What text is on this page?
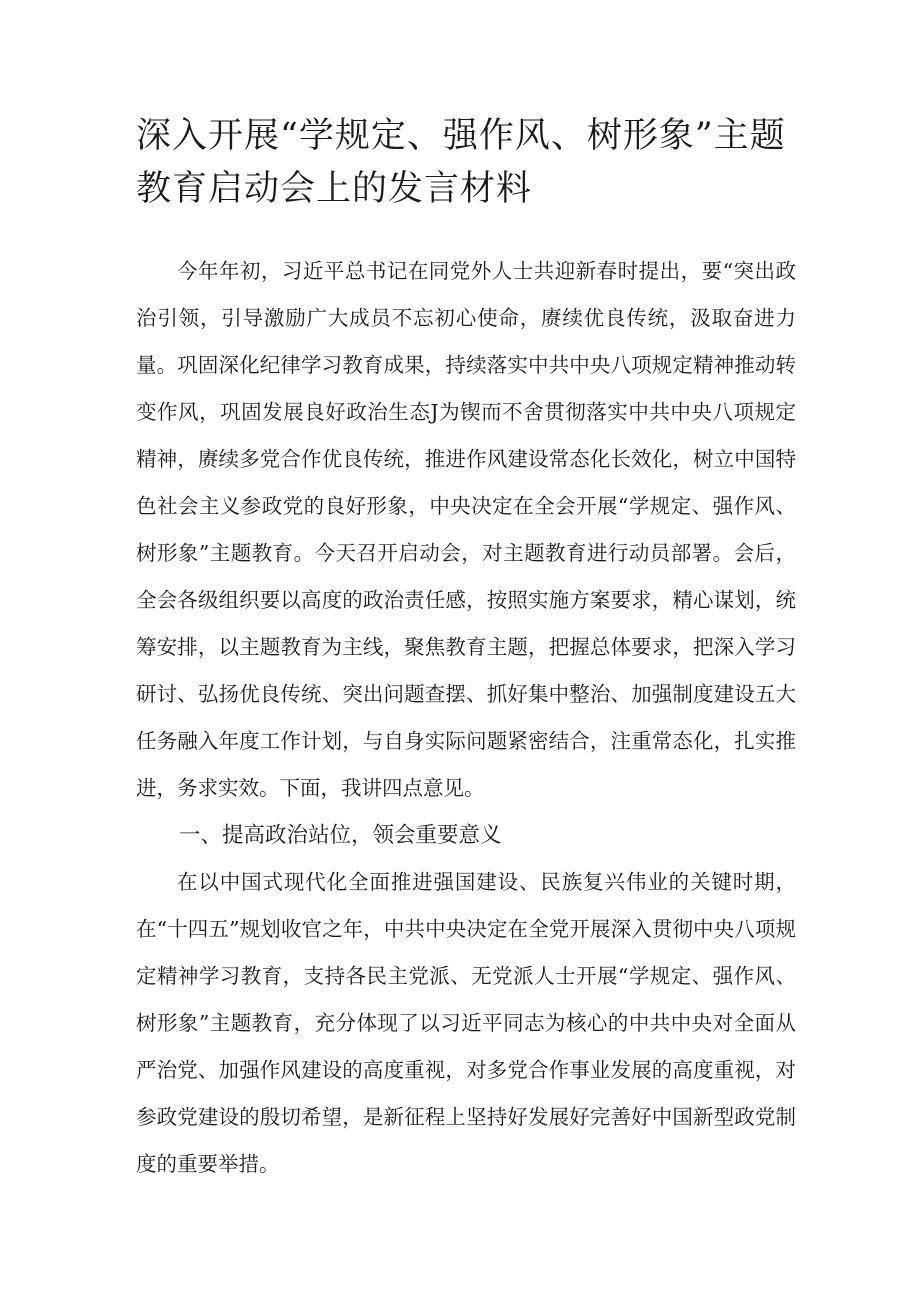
深入开展“学规定、强作风、树形象”主题教育启动会上的发言材料

今年年初，习近平总书记在同党外人士共迎新春时提出，要“突出政治引领，引导激励广大成员不忘初心使命，赓续优良传统，汲取奋进力量。巩固深化纪律学习教育成果，持续落实中共中央八项规定精神推动转变作风，巩固发展良好政治生态J为锲而不舍贯彻落实中共中央八项规定精神，赓续多党合作优良传统，推进作风建设常态化长效化，树立中国特色社会主义参政党的良好形象，中央决定在全会开展“学规定、强作风、树形象”主题教育。今天召开启动会，对主题教育进行动员部署。会后，全会各级组织要以高度的政治责任感，按照实施方案要求，精心谋划，统筹安排，以主题教育为主线，聚焦教育主题，把握总体要求，把深入学习研讨、弘扬优良传统、突出问题查摆、抓好集中整治、加强制度建设五大任务融入年度工作计划，与自身实际问题紧密结合，注重常态化，扎实推进，务求实效。下面，我讲四点意见。

一、提高政治站位，领会重要意义

在以中国式现代化全面推进强国建设、民族复兴伟业的关键时期，在“十四五”规划收官之年，中共中央决定在全党开展深入贯彻中央八项规定精神学习教育，支持各民主党派、无党派人士开展“学规定、强作风、树形象”主题教育，充分体现了以习近平同志为核心的中共中央对全面从严治党、加强作风建设的高度重视，对多党合作事业发展的高度重视，对参政党建设的殷切希望，是新征程上坚持好发展好完善好中国新型政党制度的重要举措。
